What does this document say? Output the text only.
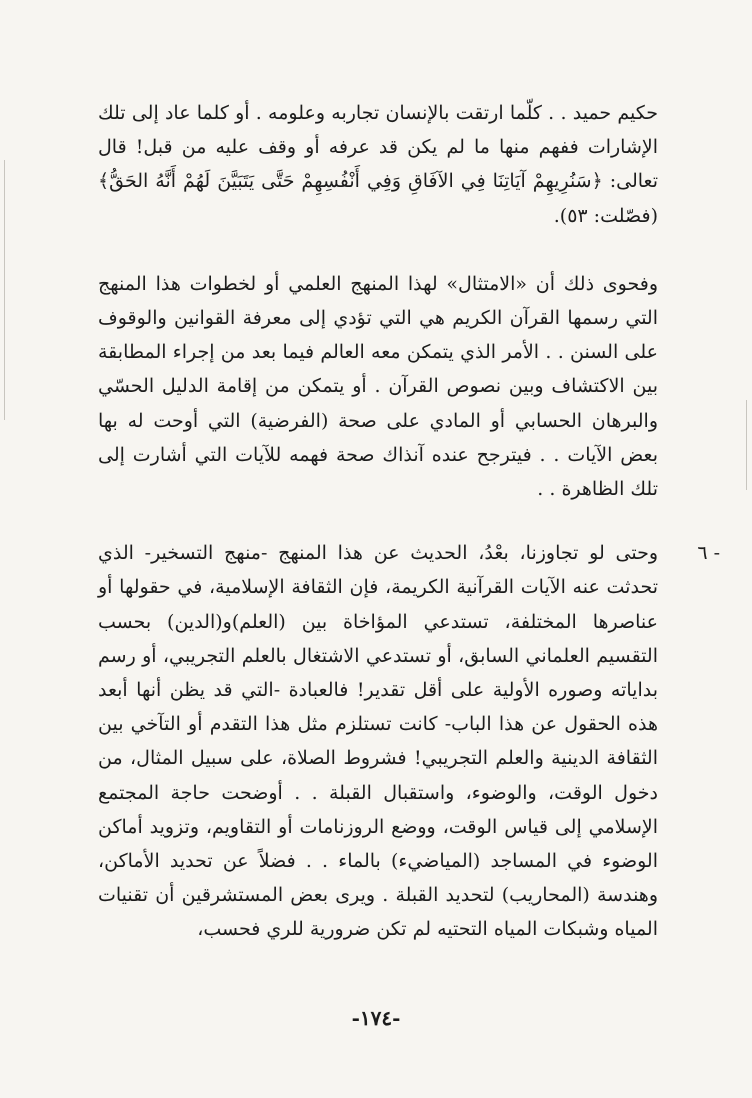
حكيم حميد . . كلّما ارتقت بالإنسان تجاربه وعلومه . أو كلما عاد إلى تلك الإشارات ففهم منها ما لم يكن قد عرفه أو وقف عليه من قبل! قال تعالى: ﴿سَنُرِيهِمْ آيَاتِنَا فِي الآفَاقِ وَفِي أَنْفُسِهِمْ حَتَّى يَتَبَيَّنَ لَهُمْ أَنَّهُ الحَقُّ﴾ (فصّلت: ٥٣).

وفحوى ذلك أن «الامتثال» لهذا المنهج العلمي أو لخطوات هذا المنهج التي رسمها القرآن الكريم هي التي تؤدي إلى معرفة القوانين والوقوف على السنن . . الأمر الذي يتمكن معه العالم فيما بعد من إجراء المطابقة بين الاكتشاف وبين نصوص القرآن . أو يتمكن من إقامة الدليل الحسّي والبرهان الحسابي أو المادي على صحة (الفرضية) التي أوحت له بها بعض الآيات . . فيترجح عنده آنذاك صحة فهمه للآيات التي أشارت إلى تلك الظاهرة . .

٦ -

وحتى لو تجاوزنا، بعْدُ، الحديث عن هذا المنهج -منهج التسخير- الذي تحدثت عنه الآيات القرآنية الكريمة، فإن الثقافة الإسلامية، في حقولها أو عناصرها المختلفة، تستدعي المؤاخاة بين (العلم)و(الدين) بحسب التقسيم العلماني السابق، أو تستدعي الاشتغال بالعلم التجريبي، أو رسم بداياته وصوره الأولية على أقل تقدير! فالعبادة -التي قد يظن أنها أبعد هذه الحقول عن هذا الباب- كانت تستلزم مثل هذا التقدم أو التآخي بين الثقافة الدينية والعلم التجريبي! فشروط الصلاة، على سبيل المثال، من دخول الوقت، والوضوء، واستقبال القبلة . . أوضحت حاجة المجتمع الإسلامي إلى قياس الوقت، ووضع الروزنامات أو التقاويم، وتزويد أماكن الوضوء في المساجد (المياضيء) بالماء . . فضلاً عن تحديد الأماكن، وهندسة (المحاريب) لتحديد القبلة . ويرى بعض المستشرقين أن تقنيات المياه وشبكات المياه التحتيه لم تكن ضرورية للري فحسب،

-١٧٤-
